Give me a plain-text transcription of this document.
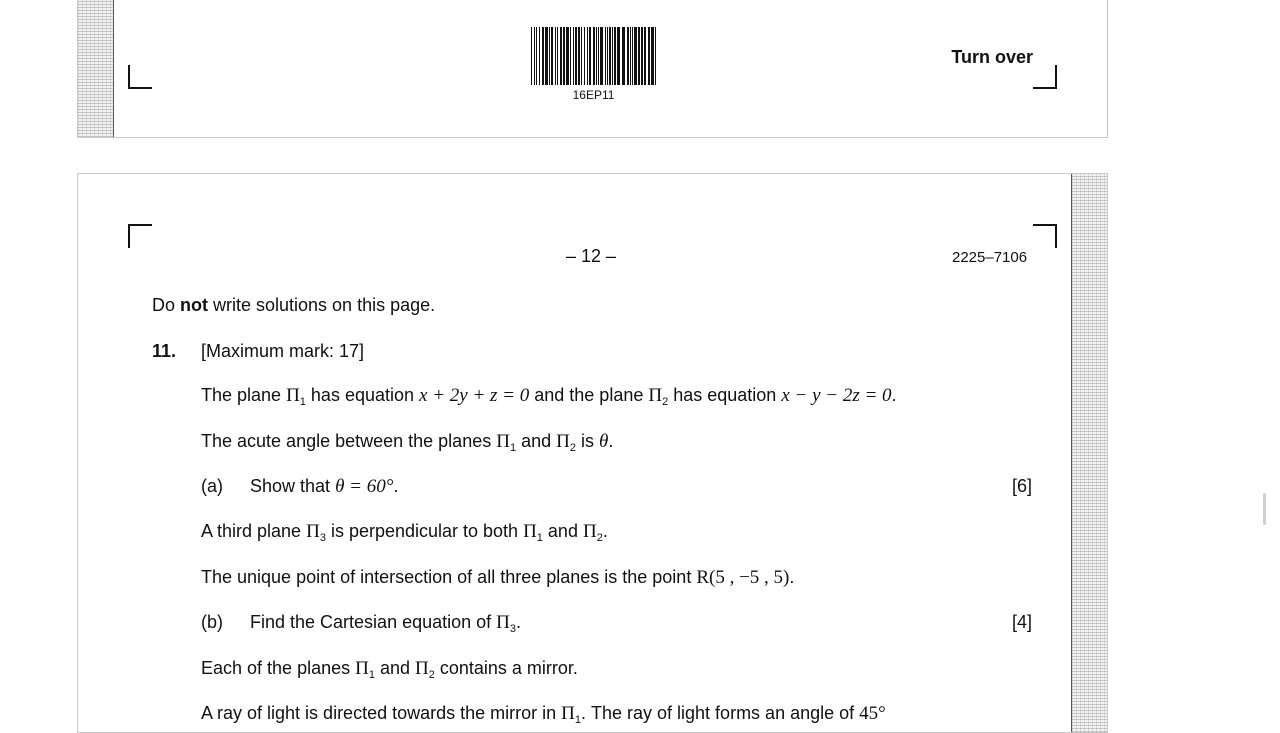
16EP11
Turn over
– 12 –	2225–7106
Do not write solutions on this page.
11. [Maximum mark: 17]
The plane $\Pi_1$ has equation x + 2y + z = 0 and the plane $\Pi_2$ has equation x − y − 2z = 0.
The acute angle between the planes $\Pi_1$ and $\Pi_2$ is θ.
(a) Show that θ = 60°.	[6]
A third plane $\Pi_3$ is perpendicular to both $\Pi_1$ and $\Pi_2$.
The unique point of intersection of all three planes is the point R(5 , −5 , 5).
(b) Find the Cartesian equation of $\Pi_3$.	[4]
Each of the planes $\Pi_1$ and $\Pi_2$ contains a mirror.
A ray of light is directed towards the mirror in $\Pi_1$. The ray of light forms an angle of 45°
